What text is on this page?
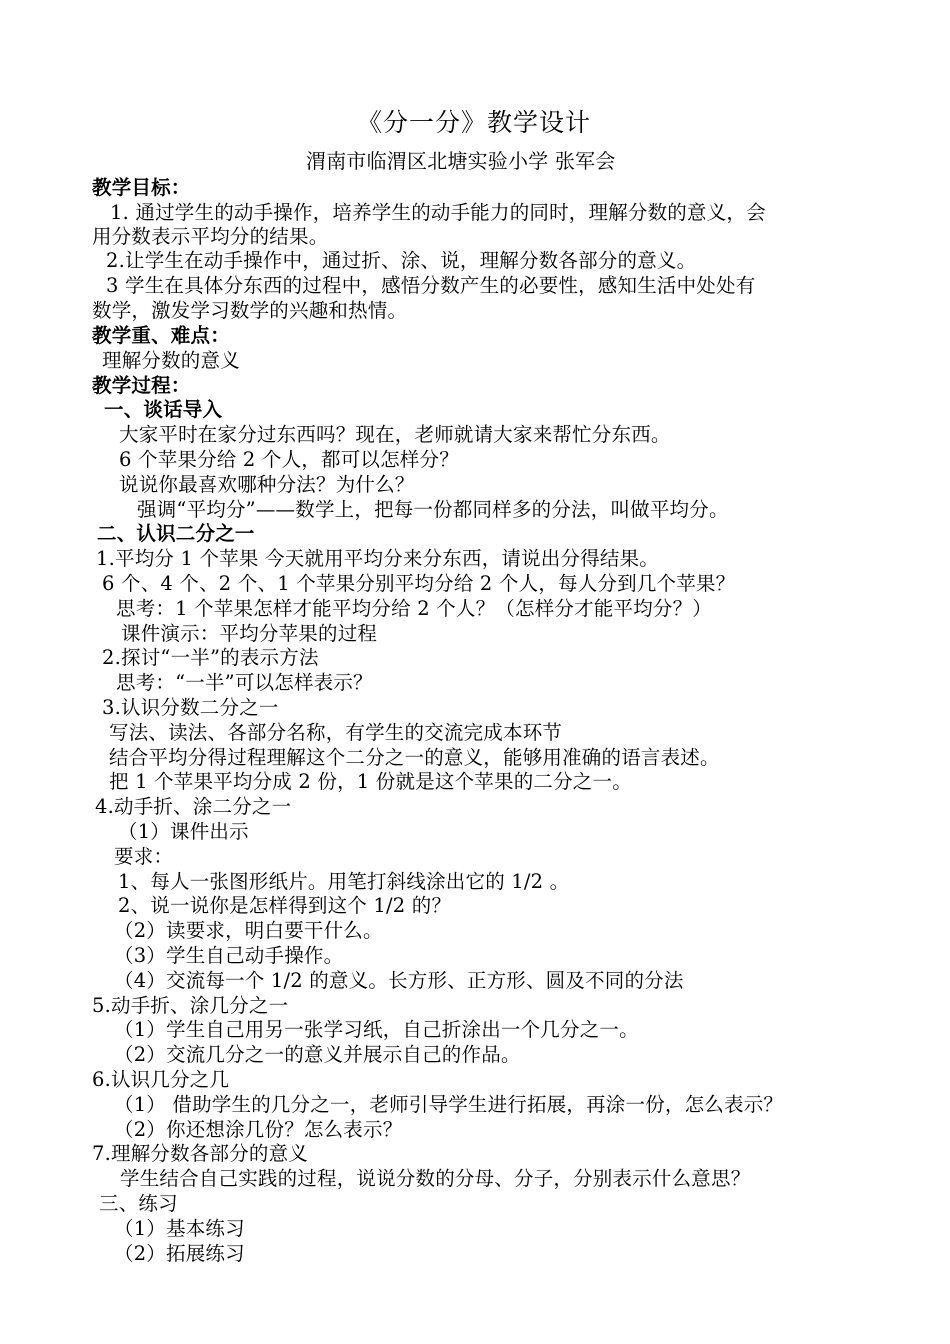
《分一分》教学设计
渭南市临渭区北塘实验小学 张军会
教学目标：
1. 通过学生的动手操作，培养学生的动手能力的同时，理解分数的意义，会
用分数表示平均分的结果。
2.让学生在动手操作中，通过折、涂、说，理解分数各部分的意义。
3 学生在具体分东西的过程中，感悟分数产生的必要性，感知生活中处处有
数学，激发学习数学的兴趣和热情。
教学重、难点：
理解分数的意义
教学过程：
一、谈话导入
大家平时在家分过东西吗？现在，老师就请大家来帮忙分东西。
6 个苹果分给 2 个人，都可以怎样分？
说说你最喜欢哪种分法？为什么？
强调“平均分”——数学上，把每一份都同样多的分法，叫做平均分。
二、认识二分之一
1.平均分 1 个苹果 今天就用平均分来分东西，请说出分得结果。
6 个、4 个、2 个、1 个苹果分别平均分给 2 个人，每人分到几个苹果？
思考：1 个苹果怎样才能平均分给 2 个人？（怎样分才能平均分？）
课件演示：平均分苹果的过程
2.探讨“一半”的表示方法
思考：“一半”可以怎样表示？
3.认识分数二分之一
写法、读法、各部分名称，有学生的交流完成本环节
结合平均分得过程理解这个二分之一的意义，能够用准确的语言表述。
把 1 个苹果平均分成 2 份，1 份就是这个苹果的二分之一。
4.动手折、涂二分之一
（1）课件出示
要求：
1、每人一张图形纸片。用笔打斜线涂出它的 1/2 。
2、说一说你是怎样得到这个 1/2 的？
（2）读要求，明白要干什么。
（3）学生自己动手操作。
（4）交流每一个 1/2 的意义。长方形、正方形、圆及不同的分法
5.动手折、涂几分之一
（1）学生自己用另一张学习纸，自己折涂出一个几分之一。
（2）交流几分之一的意义并展示自己的作品。
6.认识几分之几
（1） 借助学生的几分之一，老师引导学生进行拓展，再涂一份，怎么表示？
（2）你还想涂几份？怎么表示？
7.理解分数各部分的意义
学生结合自己实践的过程，说说分数的分母、分子，分别表示什么意思？
三、练习
（1）基本练习
（2）拓展练习
